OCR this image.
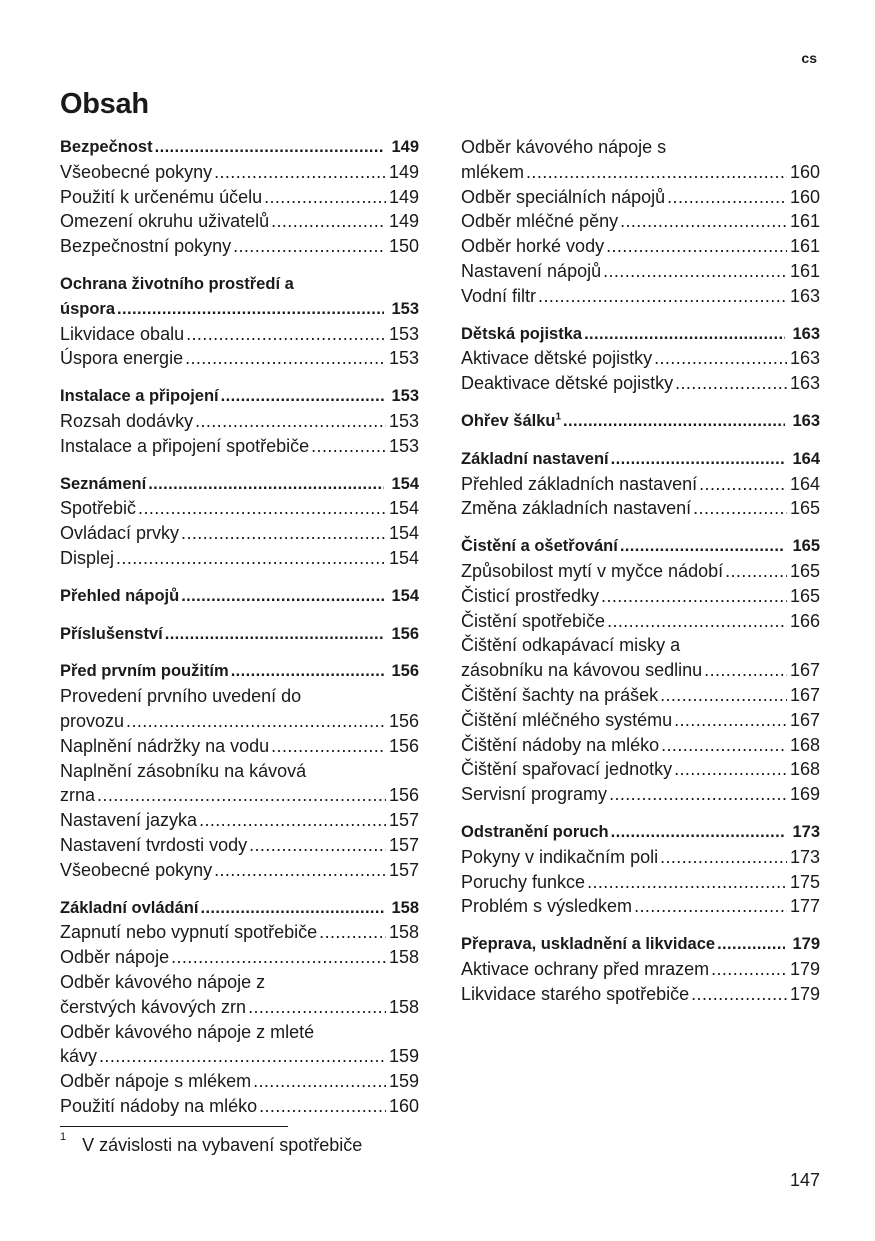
cs
Obsah
Bezpečnost .....	149
Všeobecné pokyny .....	149
Použití k určenému účelu .....	149
Omezení okruhu uživatelů .....	149
Bezpečnostní pokyny .....	150
Ochrana životního prostředí a
úspora .....	153
Likvidace obalu .....	153
Úspora energie .....	153
Instalace a připojení .....	153
Rozsah dodávky .....	153
Instalace a připojení spotřebiče .....	153
Seznámení .....	154
Spotřebič .....	154
Ovládací prvky .....	154
Displej .....	154
Přehled nápojů .....	154
Příslušenství .....	156
Před prvním použitím .....	156
Provedení prvního uvedení do
provozu .....	156
Naplnění nádržky na vodu .....	156
Naplnění zásobníku na kávová
zrna .....	156
Nastavení jazyka .....	157
Nastavení tvrdosti vody .....	157
Všeobecné pokyny .....	157
Základní ovládání .....	158
Zapnutí nebo vypnutí spotřebiče .....	158
Odběr nápoje .....	158
Odběr kávového nápoje z
čerstvých kávových zrn .....	158
Odběr kávového nápoje z mleté
kávy .....	159
Odběr nápoje s mlékem .....	159
Použití nádoby na mléko .....	160
Odběr kávového nápoje s
mlékem .....	160
Odběr speciálních nápojů .....	160
Odběr mléčné pěny .....	161
Odběr horké vody .....	161
Nastavení nápojů .....	161
Vodní filtr .....	163
Dětská pojistka .....	163
Aktivace dětské pojistky .....	163
Deaktivace dětské pojistky .....	163
Ohřev šálku$^1$ .....	163
Základní nastavení .....	164
Přehled základních nastavení .....	164
Změna základních nastavení .....	165
Čistění a ošetřování .....	165
Způsobilost mytí v myčce nádobí .....	165
Čisticí prostředky .....	165
Čistění spotřebiče .....	166
Čištění odkapávací misky a
zásobníku na kávovou sedlinu .....	167
Čištění šachty na prášek .....	167
Čištění mléčného systému .....	167
Čištění nádoby na mléko .....	168
Čištění spařovací jednotky .....	168
Servisní programy .....	169
Odstranění poruch .....	173
Pokyny v indikačním poli .....	173
Poruchy funkce .....	175
Problém s výsledkem .....	177
Přeprava, uskladnění a likvidace .....	179
Aktivace ochrany před mrazem .....	179
Likvidace starého spotřebiče .....	179
$^1$ V závislosti na vybavení spotřebiče
147
